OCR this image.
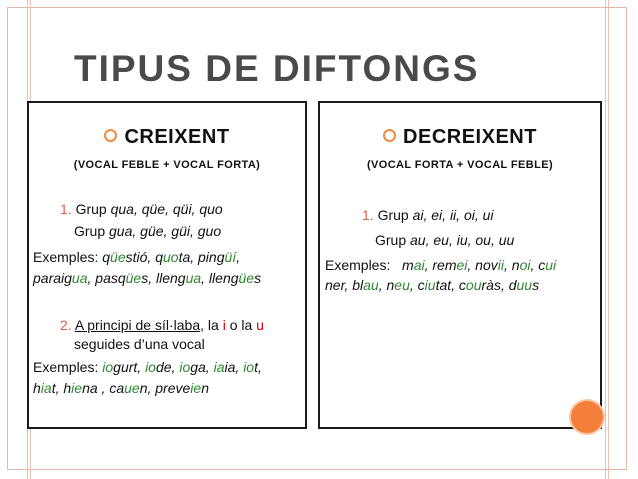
TIPUS DE DIFTONGS
CREIXENT
(VOCAL FEBLE + VOCAL FORTA)
1. Grup qua, qüe, qüi, quo
Grup gua, güe, güi, guo
Exemples: qüestió, quota, pingüí,
paraigua, pasqües, llengua, llengües
2. A principi de síl·laba, la i o la u
seguides d’una vocal
Exemples: iogurt, iode, ioga, iaia, iot,
hiat, hiena , cauen, preveien
DECREIXENT
(VOCAL FORTA + VOCAL FEBLE)
1. Grup ai, ei, ii, oi, ui
Grup au, eu, iu, ou, uu
Exemples: mai, remei, novii, noi, cui
ner, blau, neu, ciutat, couràs, duus
